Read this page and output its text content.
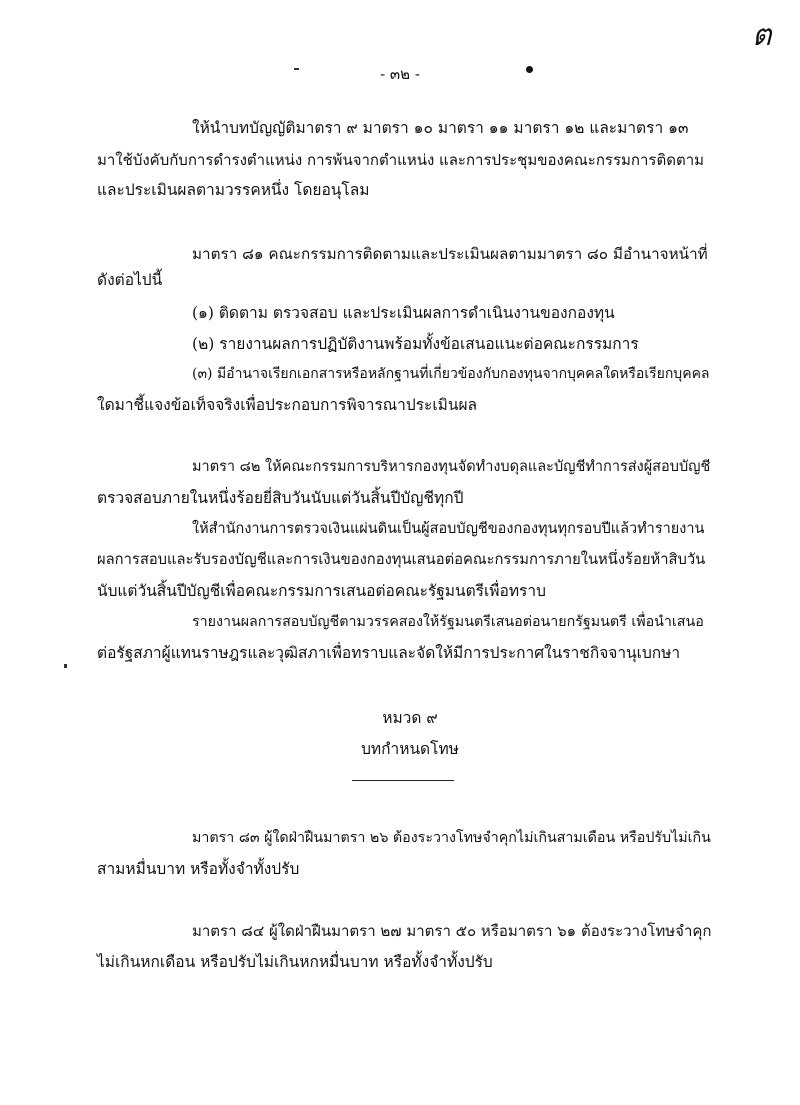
ต
- ๓๒ -
ให้นำบทบัญญัติมาตรา ๙ มาตรา ๑๐ มาตรา ๑๑ มาตรา ๑๒ และมาตรา ๑๓
มาใช้บังคับกับการดำรงตำแหน่ง การพ้นจากตำแหน่ง และการประชุมของคณะกรรมการติดตาม
และประเมินผลตามวรรคหนึ่ง โดยอนุโลม
มาตรา ๘๑ คณะกรรมการติดตามและประเมินผลตามมาตรา ๘๐ มีอำนาจหน้าที่
ดังต่อไปนี้
(๑) ติดตาม ตรวจสอบ และประเมินผลการดำเนินงานของกองทุน
(๒) รายงานผลการปฏิบัติงานพร้อมทั้งข้อเสนอแนะต่อคณะกรรมการ
(๓) มีอำนาจเรียกเอกสารหรือหลักฐานที่เกี่ยวข้องกับกองทุนจากบุคคลใดหรือเรียกบุคคล
ใดมาชี้แจงข้อเท็จจริงเพื่อประกอบการพิจารณาประเมินผล
มาตรา ๘๒ ให้คณะกรรมการบริหารกองทุนจัดทำงบดุลและบัญชีทำการส่งผู้สอบบัญชี
ตรวจสอบภายในหนึ่งร้อยยี่สิบวันนับแต่วันสิ้นปีบัญชีทุกปี
ให้สำนักงานการตรวจเงินแผ่นดินเป็นผู้สอบบัญชีของกองทุนทุกรอบปีแล้วทำรายงาน
ผลการสอบและรับรองบัญชีและการเงินของกองทุนเสนอต่อคณะกรรมการภายในหนึ่งร้อยห้าสิบวัน
นับแต่วันสิ้นปีบัญชีเพื่อคณะกรรมการเสนอต่อคณะรัฐมนตรีเพื่อทราบ
รายงานผลการสอบบัญชีตามวรรคสองให้รัฐมนตรีเสนอต่อนายกรัฐมนตรี เพื่อนำเสนอ
ต่อรัฐสภาผู้แทนราษฎรและวุฒิสภาเพื่อทราบและจัดให้มีการประกาศในราชกิจจานุเบกษา
หมวด ๙
บทกำหนดโทษ
มาตรา ๘๓ ผู้ใดฝ่าฝืนมาตรา ๒๖ ต้องระวางโทษจำคุกไม่เกินสามเดือน หรือปรับไม่เกิน
สามหมื่นบาท หรือทั้งจำทั้งปรับ
มาตรา ๘๔ ผู้ใดฝ่าฝืนมาตรา ๒๗ มาตรา ๕๐ หรือมาตรา ๖๑ ต้องระวางโทษจำคุก
ไม่เกินหกเดือน หรือปรับไม่เกินหกหมื่นบาท หรือทั้งจำทั้งปรับ
